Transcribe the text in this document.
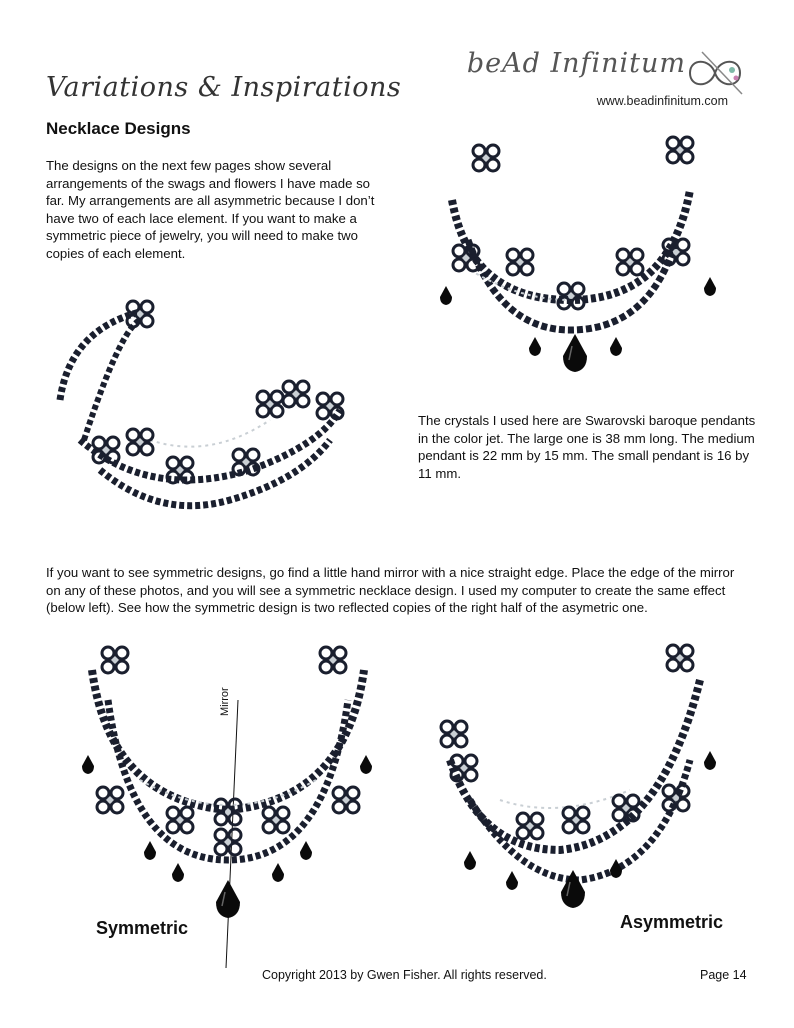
Variations & Inspirations
beAd Infinitum
www.beadinfinitum.com
Necklace Designs

The designs on the next few pages show several arrangements of the swags and flowers I have made so far. My arrangements are all asymmetric because I don’t have two of each lace element. If you want to make a symmetric piece of jewelry, you will need to make two copies of each element.

The crystals I used here are Swarovski baroque pendants in the color jet. The large one is 38 mm long. The medium pendant is 22 mm by 15 mm. The small pendant is 16 by 11 mm.

If you want to see symmetric designs, go find a little hand mirror with a nice straight edge. Place the edge of the mirror on any of these photos, and you will see a symmetric necklace design. I used my computer to create the same effect (below left). See how the symmetric design is two reflected copies of the right half of the asymetric one.

Mirror
Symmetric	Asymmetric
Copyright 2013 by Gwen Fisher. All rights reserved.	Page 14
